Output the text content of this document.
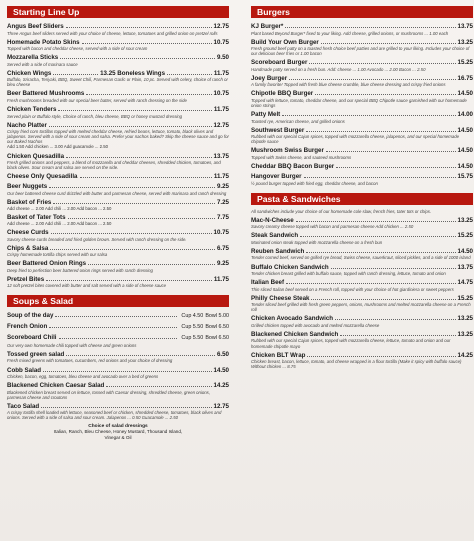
Starting Line Up
Angus Beef Sliders	12.75
Three Angus beef sliders served with your choice of cheese, lettuce, tomatoes and grilled onion on pretzel rolls
Homemade Potato Skins	10.75
Topped with bacon and cheddar cheese, served with a side of sour cream
Mozzarella Sticks	9.50
Served with a side of marinara sauce
Chicken Wings	13.25 Boneless Wings	11.75
Buffalo, Sriracha, Teriyaki, BBQ, Sweet Chili, Parmesan Garlic or Plain, 10 pc. Served with celery, choice of ranch or bleu cheese
Beer Battered Mushrooms	10.75
Fresh mushrooms breaded with our special beer batter, served with ranch dressing on the side
Chicken Tenders	11.75
Served plain or Buffalo style, Choice of ranch, bleu cheese, BBQ or honey mustard dressing
Nacho Platter	12.75
Crispy fried corn tortillas topped with melted cheddar cheese, refried beans, lettuce, tomato, black olives and jalapenos. Served with a side of sour cream and salsa. Prefer your nachos baked? Skip the cheese sauce and go for our Baked Nachos
Add 1.50 Add chicken ... 3.00 Add guacamole ... 2.50
Chicken Quesadilla	13.75
Fresh grilled onions and peppers, a blend of mozzarella and cheddar cheeses, shredded chicken, tomatoes, and black olives. Sour cream and salsa are served on the side.
Cheese Only Quesadilla	11.75
Beer Nuggets	9.25
Our beer battered cheese curd drizzled with butter and parmesan cheese, served with marinara and ranch dressing
Basket of Fries	7.25
Add cheese ... 2.00 Add chili ... 2.00 Add bacon ... 2.50
Basket of Tater Tots	7.75
Add cheese ... 2.00 Add chili ... 2.00 Add bacon ... 2.50
Cheese Curds	10.75
Savory cheese curds breaded and fried golden brown. Served with ranch dressing on the side.
Chips & Salsa	6.75
Crispy homemade tortilla chips served with our salsa
Beer Battered Onion Rings	9.25
Deep fried to perfection beer battered onion rings served with ranch dressing
Pretzel Bites	11.75
12 soft pretzel bites covered with butter and salt served with a side of cheese sauce
Soups & Salad
Soup of the day	Cup 4.50 Bowl 5.00
French Onion	Cup 5.50 Bowl 6.50
Scoreboard Chili	Cup 5.50 Bowl 6.50
Our very own homemade chili topped with cheese and green onions
Tossed green salad	6.50
Fresh mixed greens with tomatoes, cucumbers, red onions and your choice of dressing
Cobb Salad	14.50
Chicken, bacon, egg, tomatoes, bleu cheese and avocado over a bed of greens
Blackened Chicken Caesar Salad	14.25
Blackened chicken breast served on lettuce, tossed with Caesar dressing, shredded cheese, green onions, parmesan cheese and croutons
Taco Salad	12.75
A crispy tortilla shell loaded with lettuce, seasoned beef or chicken, shredded cheese, tomatoes, black olives and onions. Served with a side of salsa and sour cream. Jalapenos ... 0.50 Guacamole ... 2.50
Choice of salad dressings
Italian, Ranch, Bleu Cheese, Honey Mustard, Thousand Island,
Vinegar & Oil
Burgers
KJ Burger*	13.75
Plant based Beyond Burger* fixed to your liking. Add cheese, grilled onions, or mushrooms ... 1.00 each
Build Your Own Burger	13.25
Fresh ground beef patty on a toasted fresh choice beef patties and are grilled to your liking. Includes your choice of our delicious beer fries or 1.00 bacon
Scoreboard Burger	15.25
Handmade patty served on a fresh bun. Add: cheese ... 1.00 Avocado ... 2.00 Bacon ... 2.50
Joey Burger	16.75
A family favorite! Topped with fresh blue cheese crumble, blue cheese dressing and crispy fried onions
Chipotle BBQ Burger	14.50
Topped with lettuce, tomato, cheddar cheese, and our special BBQ Chipotle sauce garnished with our homemade onion strings
Patty Melt	14.00
Toasted rye, American cheese, and grilled onions
Southwest Burger	14.50
Rubbed with our special Cajun spices, topped with mozzarella cheese, jalapenos, and our special homemade chipotle sauce
Mushroom Swiss Burger	14.50
Topped with Swiss cheese, and sauteed mushrooms
Cheddar BBQ Bacon Burger	14.50
Hangover Burger	15.75
½ pound burger topped with fried egg, cheddar cheese, and bacon
Pasta & Sandwiches
All sandwiches include your choice of our homemade cole slaw, french fries, tater tots or chips.
Mac-N-Cheese	13.25
Savory creamy cheese topped with bacon and parmesan cheese Add chicken ... 2.50
Steak Sandwich	15.25
Marinated onion steak topped with mozzarella cheese on a fresh bun
Reuben Sandwich	14.50
Tender corned beef, served on grilled rye bread, Swiss cheese, sauerkraut, sliced pickles, and a side of 1000 island
Buffalo Chicken Sandwich	13.75
Tender chicken breast grilled with buffalo sauce, topped with ranch dressing, lettuce, tomato and onion
Italian Beef	14.75
Thin sliced Italian beef served on a French roll, topped with your choice of hot giardiniera or sweet peppers
Philly Cheese Steak	15.25
Tender sliced beef grilled with fresh green peppers, onions, mushrooms and melted mozzarella cheese on a French roll
Chicken Avocado Sandwich	13.25
Grilled chicken topped with avocado and melted mozzarella cheese
Blackened Chicken Sandwich	13.25
Rubbed with our special Cajun spices, topped with mozzarella cheese, lettuce, tomato and onion and our homemade chipotle mayo
Chicken BLT Wrap	14.25
Chicken breast, bacon, lettuce, tomato, and cheese wrapped in a flour tortilla (Make it spicy with buffalo sauce) Without chicken ... 8.75
